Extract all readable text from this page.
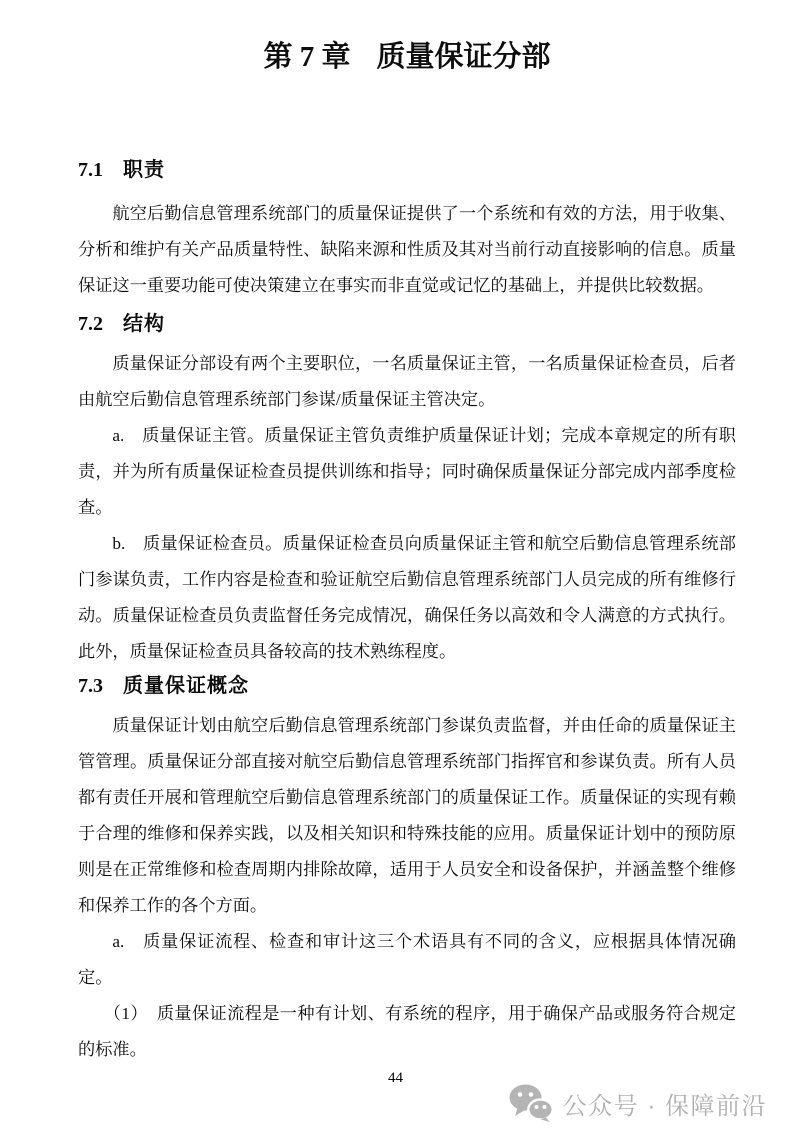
第 7 章 质量保证分部
7.1 职责
航空后勤信息管理系统部门的质量保证提供了一个系统和有效的方法，用于收集、分析和维护有关产品质量特性、缺陷来源和性质及其对当前行动直接影响的信息。质量保证这一重要功能可使决策建立在事实而非直觉或记忆的基础上，并提供比较数据。
7.2 结构
质量保证分部设有两个主要职位，一名质量保证主管，一名质量保证检查员，后者由航空后勤信息管理系统部门参谋/质量保证主管决定。
a.　质量保证主管。质量保证主管负责维护质量保证计划；完成本章规定的所有职责，并为所有质量保证检查员提供训练和指导；同时确保质量保证分部完成内部季度检查。
b.　质量保证检查员。质量保证检查员向质量保证主管和航空后勤信息管理系统部门参谋负责，工作内容是检查和验证航空后勤信息管理系统部门人员完成的所有维修行动。质量保证检查员负责监督任务完成情况，确保任务以高效和令人满意的方式执行。此外，质量保证检查员具备较高的技术熟练程度。
7.3 质量保证概念
质量保证计划由航空后勤信息管理系统部门参谋负责监督，并由任命的质量保证主管管理。质量保证分部直接对航空后勤信息管理系统部门指挥官和参谋负责。所有人员都有责任开展和管理航空后勤信息管理系统部门的质量保证工作。质量保证的实现有赖于合理的维修和保养实践，以及相关知识和特殊技能的应用。质量保证计划中的预防原则是在正常维修和检查周期内排除故障，适用于人员安全和设备保护，并涵盖整个维修和保养工作的各个方面。
a.　质量保证流程、检查和审计这三个术语具有不同的含义，应根据具体情况确定。
（1）　质量保证流程是一种有计划、有系统的程序，用于确保产品或服务符合规定的标准。
44
公众号 · 保障前沿
